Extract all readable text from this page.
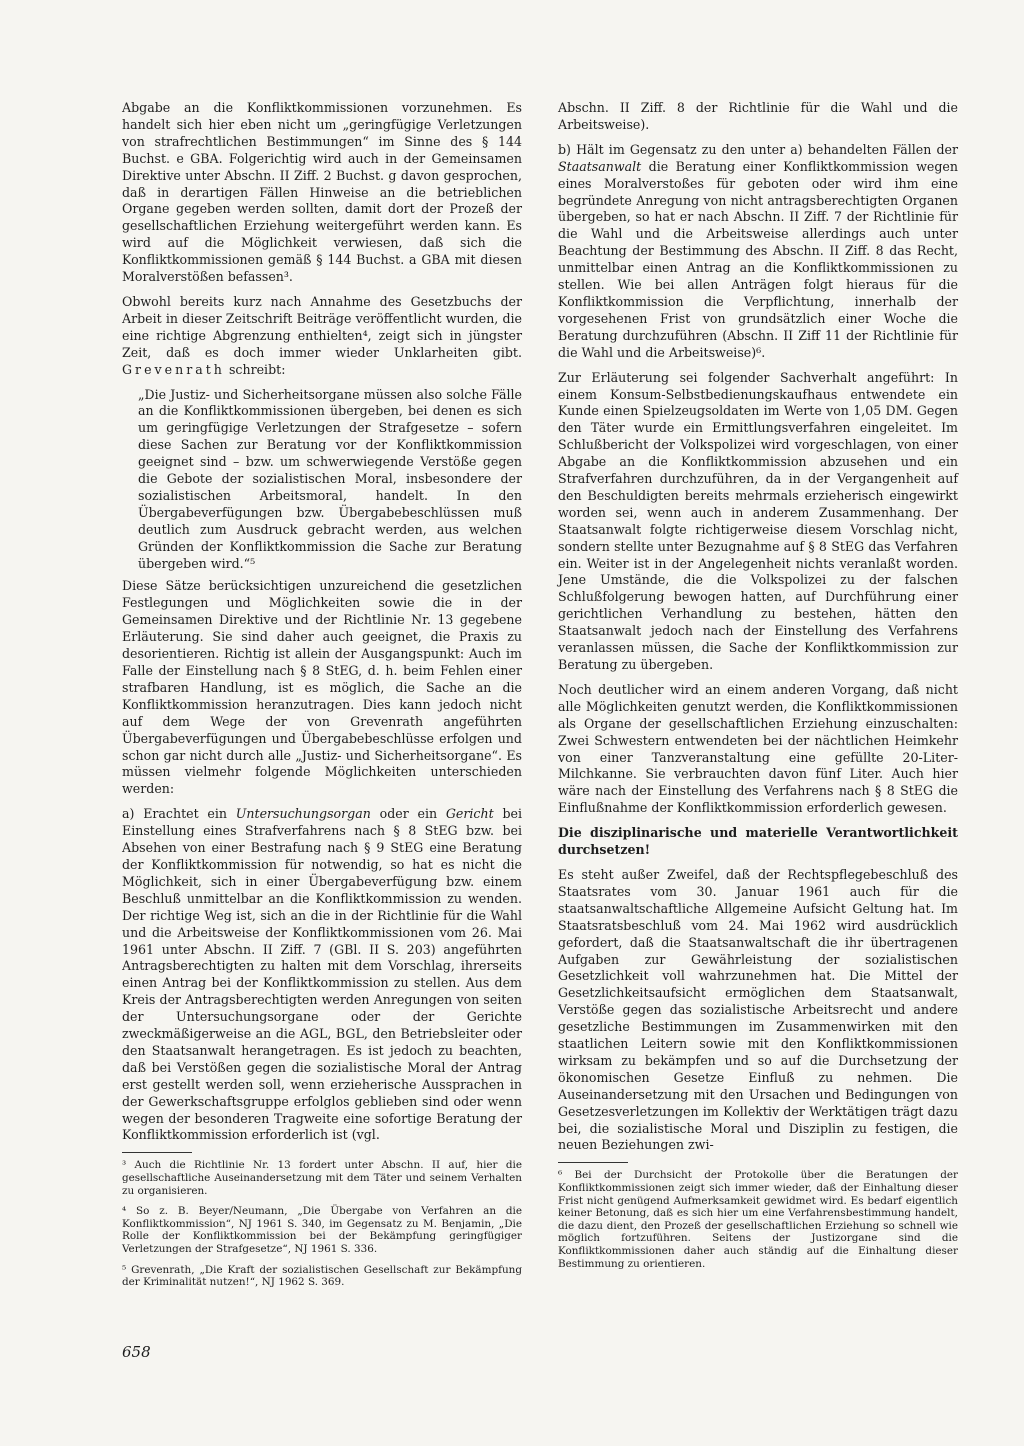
Abgabe an die Konfliktkommissionen vorzunehmen. Es handelt sich hier eben nicht um „geringfügige Verletzungen von strafrechtlichen Bestimmungen“ im Sinne des § 144 Buchst. e GBA. Folgerichtig wird auch in der Gemeinsamen Direktive unter Abschn. II Ziff. 2 Buchst. g davon gesprochen, daß in derartigen Fällen Hinweise an die betrieblichen Organe gegeben werden sollten, damit dort der Prozeß der gesellschaftlichen Erziehung weitergeführt werden kann. Es wird auf die Möglichkeit verwiesen, daß sich die Konfliktkommissionen gemäß § 144 Buchst. a GBA mit diesen Moralverstößen befassen³.

Obwohl bereits kurz nach Annahme des Gesetzbuchs der Arbeit in dieser Zeitschrift Beiträge veröffentlicht wurden, die eine richtige Abgrenzung enthielten⁴, zeigt sich in jüngster Zeit, daß es doch immer wieder Unklarheiten gibt. Grevenrath schreibt:

„Die Justiz- und Sicherheitsorgane müssen also solche Fälle an die Konfliktkommissionen übergeben, bei denen es sich um geringfügige Verletzungen der Strafgesetze – sofern diese Sachen zur Beratung vor der Konfliktkommission geeignet sind – bzw. um schwerwiegende Verstöße gegen die Gebote der sozialistischen Moral, insbesondere der sozialistischen Arbeitsmoral, handelt. In den Übergabeverfügungen bzw. Übergabebeschlüssen muß deutlich zum Ausdruck gebracht werden, aus welchen Gründen der Konfliktkommission die Sache zur Beratung übergeben wird.“⁵

Diese Sätze berücksichtigen unzureichend die gesetzlichen Festlegungen und Möglichkeiten sowie die in der Gemeinsamen Direktive und der Richtlinie Nr. 13 gegebene Erläuterung. Sie sind daher auch geeignet, die Praxis zu desorientieren. Richtig ist allein der Ausgangspunkt: Auch im Falle der Einstellung nach § 8 StEG, d. h. beim Fehlen einer strafbaren Handlung, ist es möglich, die Sache an die Konfliktkommission heranzutragen. Dies kann jedoch nicht auf dem Wege der von Grevenrath angeführten Übergabeverfügungen und Übergabebeschlüsse erfolgen und schon gar nicht durch alle „Justiz- und Sicherheitsorgane“. Es müssen vielmehr folgende Möglichkeiten unterschieden werden:

a) Erachtet ein Untersuchungsorgan oder ein Gericht bei Einstellung eines Strafverfahrens nach § 8 StEG bzw. bei Absehen von einer Bestrafung nach § 9 StEG eine Beratung der Konfliktkommission für notwendig, so hat es nicht die Möglichkeit, sich in einer Übergabeverfügung bzw. einem Beschluß unmittelbar an die Konfliktkommission zu wenden. Der richtige Weg ist, sich an die in der Richtlinie für die Wahl und die Arbeitsweise der Konfliktkommissionen vom 26. Mai 1961 unter Abschn. II Ziff. 7 (GBl. II S. 203) angeführten Antragsberechtigten zu halten mit dem Vorschlag, ihrerseits einen Antrag bei der Konfliktkommission zu stellen. Aus dem Kreis der Antragsberechtigten werden Anregungen von seiten der Untersuchungsorgane oder der Gerichte zweckmäßigerweise an die AGL, BGL, den Betriebsleiter oder den Staatsanwalt herangetragen. Es ist jedoch zu beachten, daß bei Verstößen gegen die sozialistische Moral der Antrag erst gestellt werden soll, wenn erzieherische Aussprachen in der Gewerkschaftsgruppe erfolglos geblieben sind oder wenn wegen der besonderen Tragweite eine sofortige Beratung der Konfliktkommission erforderlich ist (vgl.

³ Auch die Richtlinie Nr. 13 fordert unter Abschn. II auf, hier die gesellschaftliche Auseinandersetzung mit dem Täter und seinem Verhalten zu organisieren.

⁴ So z. B. Beyer/Neumann, „Die Übergabe von Verfahren an die Konfliktkommission“, NJ 1961 S. 340, im Gegensatz zu M. Benjamin, „Die Rolle der Konfliktkommission bei der Bekämpfung geringfügiger Verletzungen der Strafgesetze“, NJ 1961 S. 336.

⁵ Grevenrath, „Die Kraft der sozialistischen Gesellschaft zur Bekämpfung der Kriminalität nutzen!“, NJ 1962 S. 369.

Abschn. II Ziff. 8 der Richtlinie für die Wahl und die Arbeitsweise).

b) Hält im Gegensatz zu den unter a) behandelten Fällen der Staatsanwalt die Beratung einer Konfliktkommission wegen eines Moralverstoßes für geboten oder wird ihm eine begründete Anregung von nicht antragsberechtigten Organen übergeben, so hat er nach Abschn. II Ziff. 7 der Richtlinie für die Wahl und die Arbeitsweise allerdings auch unter Beachtung der Bestimmung des Abschn. II Ziff. 8 das Recht, unmittelbar einen Antrag an die Konfliktkommissionen zu stellen. Wie bei allen Anträgen folgt hieraus für die Konfliktkommission die Verpflichtung, innerhalb der vorgesehenen Frist von grundsätzlich einer Woche die Beratung durchzuführen (Abschn. II Ziff 11 der Richtlinie für die Wahl und die Arbeitsweise)⁶.

Zur Erläuterung sei folgender Sachverhalt angeführt: In einem Konsum-Selbstbedienungskaufhaus entwendete ein Kunde einen Spielzeugsoldaten im Werte von 1,05 DM. Gegen den Täter wurde ein Ermittlungsverfahren eingeleitet. Im Schlußbericht der Volkspolizei wird vorgeschlagen, von einer Abgabe an die Konfliktkommission abzusehen und ein Strafverfahren durchzuführen, da in der Vergangenheit auf den Beschuldigten bereits mehrmals erzieherisch eingewirkt worden sei, wenn auch in anderem Zusammenhang. Der Staatsanwalt folgte richtigerweise diesem Vorschlag nicht, sondern stellte unter Bezugnahme auf § 8 StEG das Verfahren ein. Weiter ist in der Angelegenheit nichts veranlaßt worden. Jene Umstände, die die Volkspolizei zu der falschen Schlußfolgerung bewogen hatten, auf Durchführung einer gerichtlichen Verhandlung zu bestehen, hätten den Staatsanwalt jedoch nach der Einstellung des Verfahrens veranlassen müssen, die Sache der Konfliktkommission zur Beratung zu übergeben.

Noch deutlicher wird an einem anderen Vorgang, daß nicht alle Möglichkeiten genutzt werden, die Konfliktkommissionen als Organe der gesellschaftlichen Erziehung einzuschalten: Zwei Schwestern entwendeten bei der nächtlichen Heimkehr von einer Tanzveranstaltung eine gefüllte 20-Liter-Milchkanne. Sie verbrauchten davon fünf Liter. Auch hier wäre nach der Einstellung des Verfahrens nach § 8 StEG die Einflußnahme der Konfliktkommission erforderlich gewesen.

Die disziplinarische und materielle Verantwortlichkeit durchsetzen!

Es steht außer Zweifel, daß der Rechtspflegebeschluß des Staatsrates vom 30. Januar 1961 auch für die staatsanwaltschaftliche Allgemeine Aufsicht Geltung hat. Im Staatsratsbeschluß vom 24. Mai 1962 wird ausdrücklich gefordert, daß die Staatsanwaltschaft die ihr übertragenen Aufgaben zur Gewährleistung der sozialistischen Gesetzlichkeit voll wahrzunehmen hat. Die Mittel der Gesetzlichkeitsaufsicht ermöglichen dem Staatsanwalt, Verstöße gegen das sozialistische Arbeitsrecht und andere gesetzliche Bestimmungen im Zusammenwirken mit den staatlichen Leitern sowie mit den Konfliktkommissionen wirksam zu bekämpfen und so auf die Durchsetzung der ökonomischen Gesetze Einfluß zu nehmen. Die Auseinandersetzung mit den Ursachen und Bedingungen von Gesetzesverletzungen im Kollektiv der Werktätigen trägt dazu bei, die sozialistische Moral und Disziplin zu festigen, die neuen Beziehungen zwi-

⁶ Bei der Durchsicht der Protokolle über die Beratungen der Konfliktkommissionen zeigt sich immer wieder, daß der Einhaltung dieser Frist nicht genügend Aufmerksamkeit gewidmet wird. Es bedarf eigentlich keiner Betonung, daß es sich hier um eine Verfahrensbestimmung handelt, die dazu dient, den Prozeß der gesellschaftlichen Erziehung so schnell wie möglich fortzuführen. Seitens der Justizorgane sind die Konfliktkommissionen daher auch ständig auf die Einhaltung dieser Bestimmung zu orientieren.

658
